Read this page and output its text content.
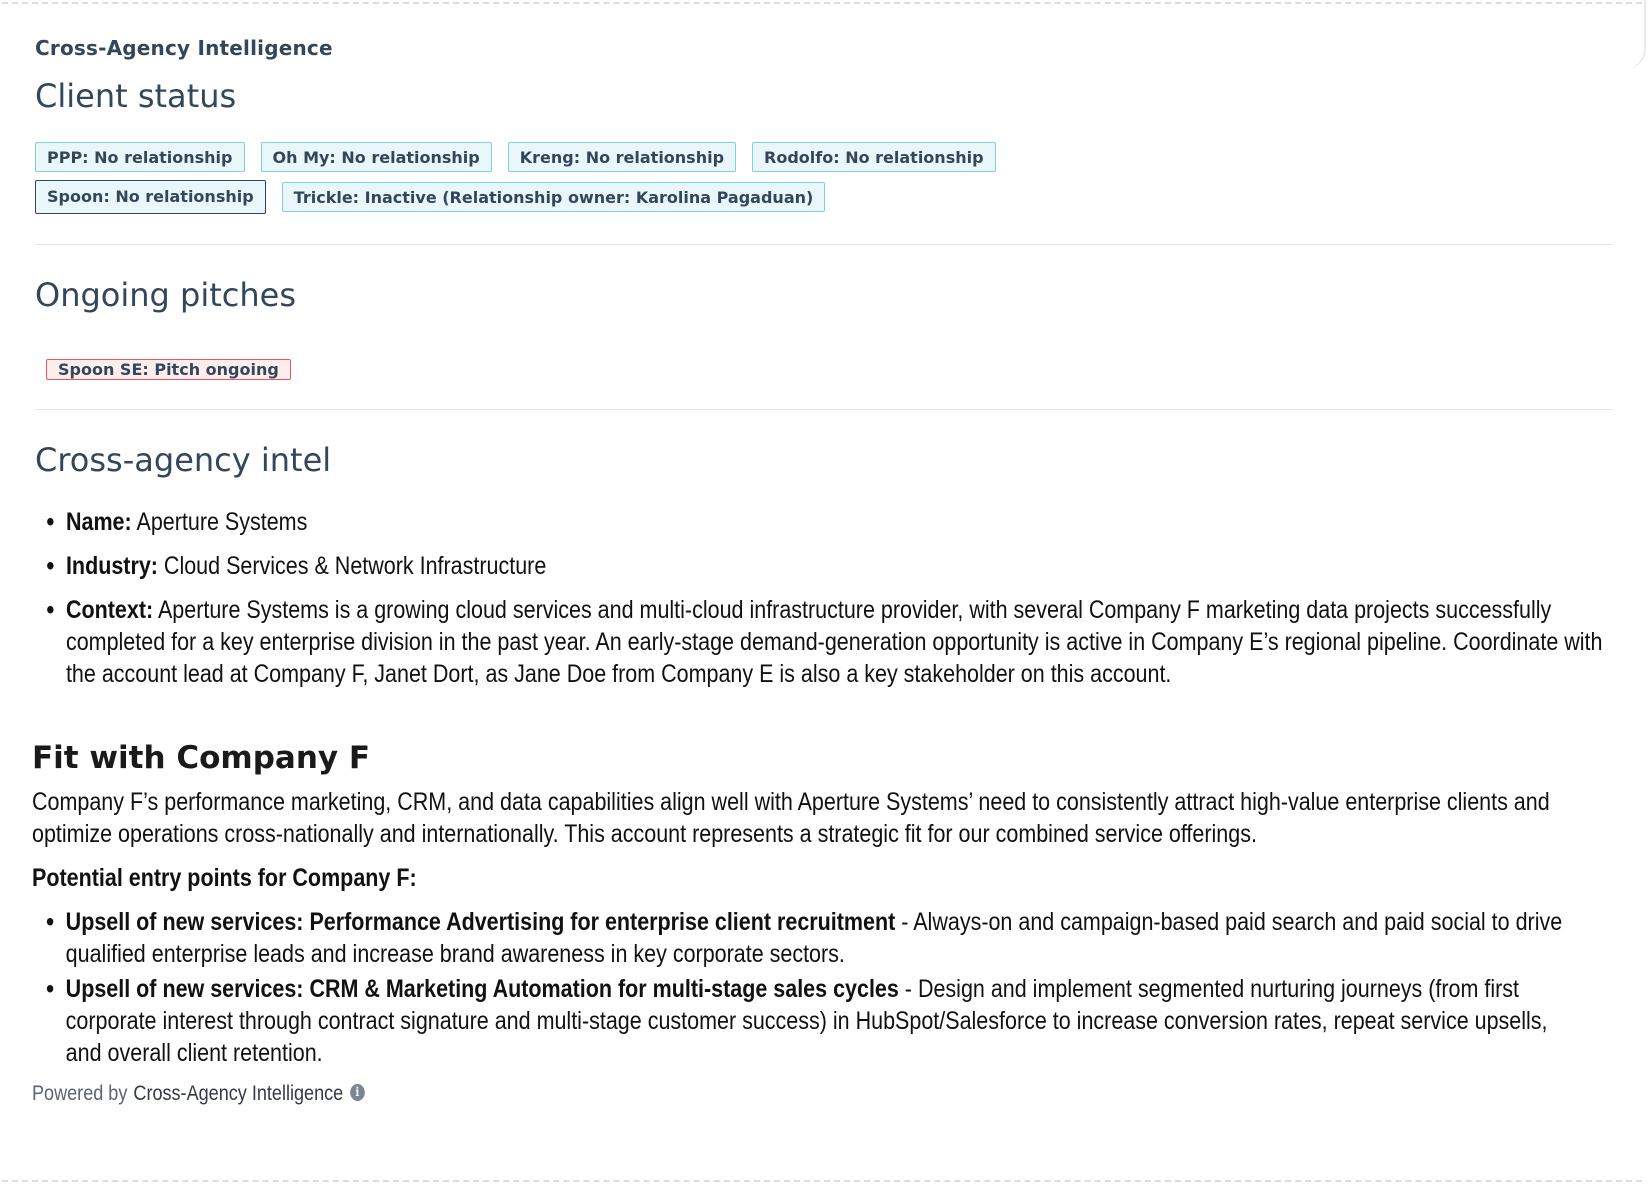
Cross-Agency Intelligence
Client status
PPP: No relationship	Oh My: No relationship	Kreng: No relationship	Rodolfo: No relationship
Spoon: No relationship	Trickle: Inactive (Relationship owner: Karolina Pagaduan)
Ongoing pitches
Spoon SE: Pitch ongoing
Cross-agency intel
• Name: Aperture Systems
• Industry: Cloud Services & Network Infrastructure
• Context: Aperture Systems is a growing cloud services and multi-cloud infrastructure provider, with several Company F marketing data projects successfully completed for a key enterprise division in the past year. An early-stage demand-generation opportunity is active in Company E’s regional pipeline. Coordinate with the account lead at Company F, Janet Dort, as Jane Doe from Company E is also a key stakeholder on this account.
Fit with Company F

Company F’s performance marketing, CRM, and data capabilities align well with Aperture Systems’ need to consistently attract high-value enterprise clients and optimize operations cross-nationally and internationally. This account represents a strategic fit for our combined service offerings.

Potential entry points for Company F:

• Upsell of new services: Performance Advertising for enterprise client recruitment - Always-on and campaign-based paid search and paid social to drive qualified enterprise leads and increase brand awareness in key corporate sectors.
• Upsell of new services: CRM & Marketing Automation for multi-stage sales cycles - Design and implement segmented nurturing journeys (from first corporate interest through contract signature and multi-stage customer success) in HubSpot/Salesforce to increase conversion rates, repeat service upsells, and overall client retention.
Powered by Cross-Agency Intelligence	i
